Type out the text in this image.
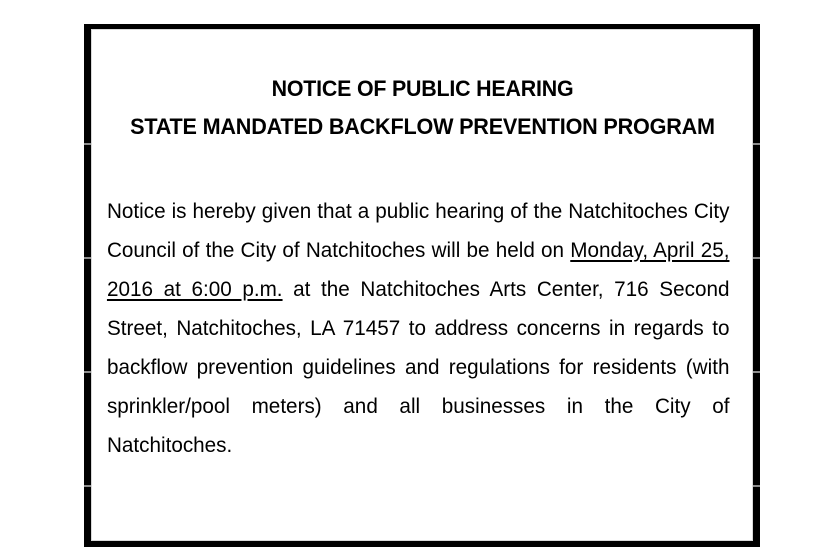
NOTICE OF PUBLIC HEARING
STATE MANDATED BACKFLOW PREVENTION PROGRAM

Notice is hereby given that a public hearing of the Natchitoches City Council of the City of Natchitoches will be held on Monday, April 25, 2016 at 6:00 p.m. at the Natchitoches Arts Center, 716 Second Street, Natchitoches, LA 71457 to address concerns in regards to backflow prevention guidelines and regulations for residents (with sprinkler/pool meters) and all businesses in the City of Natchitoches.
